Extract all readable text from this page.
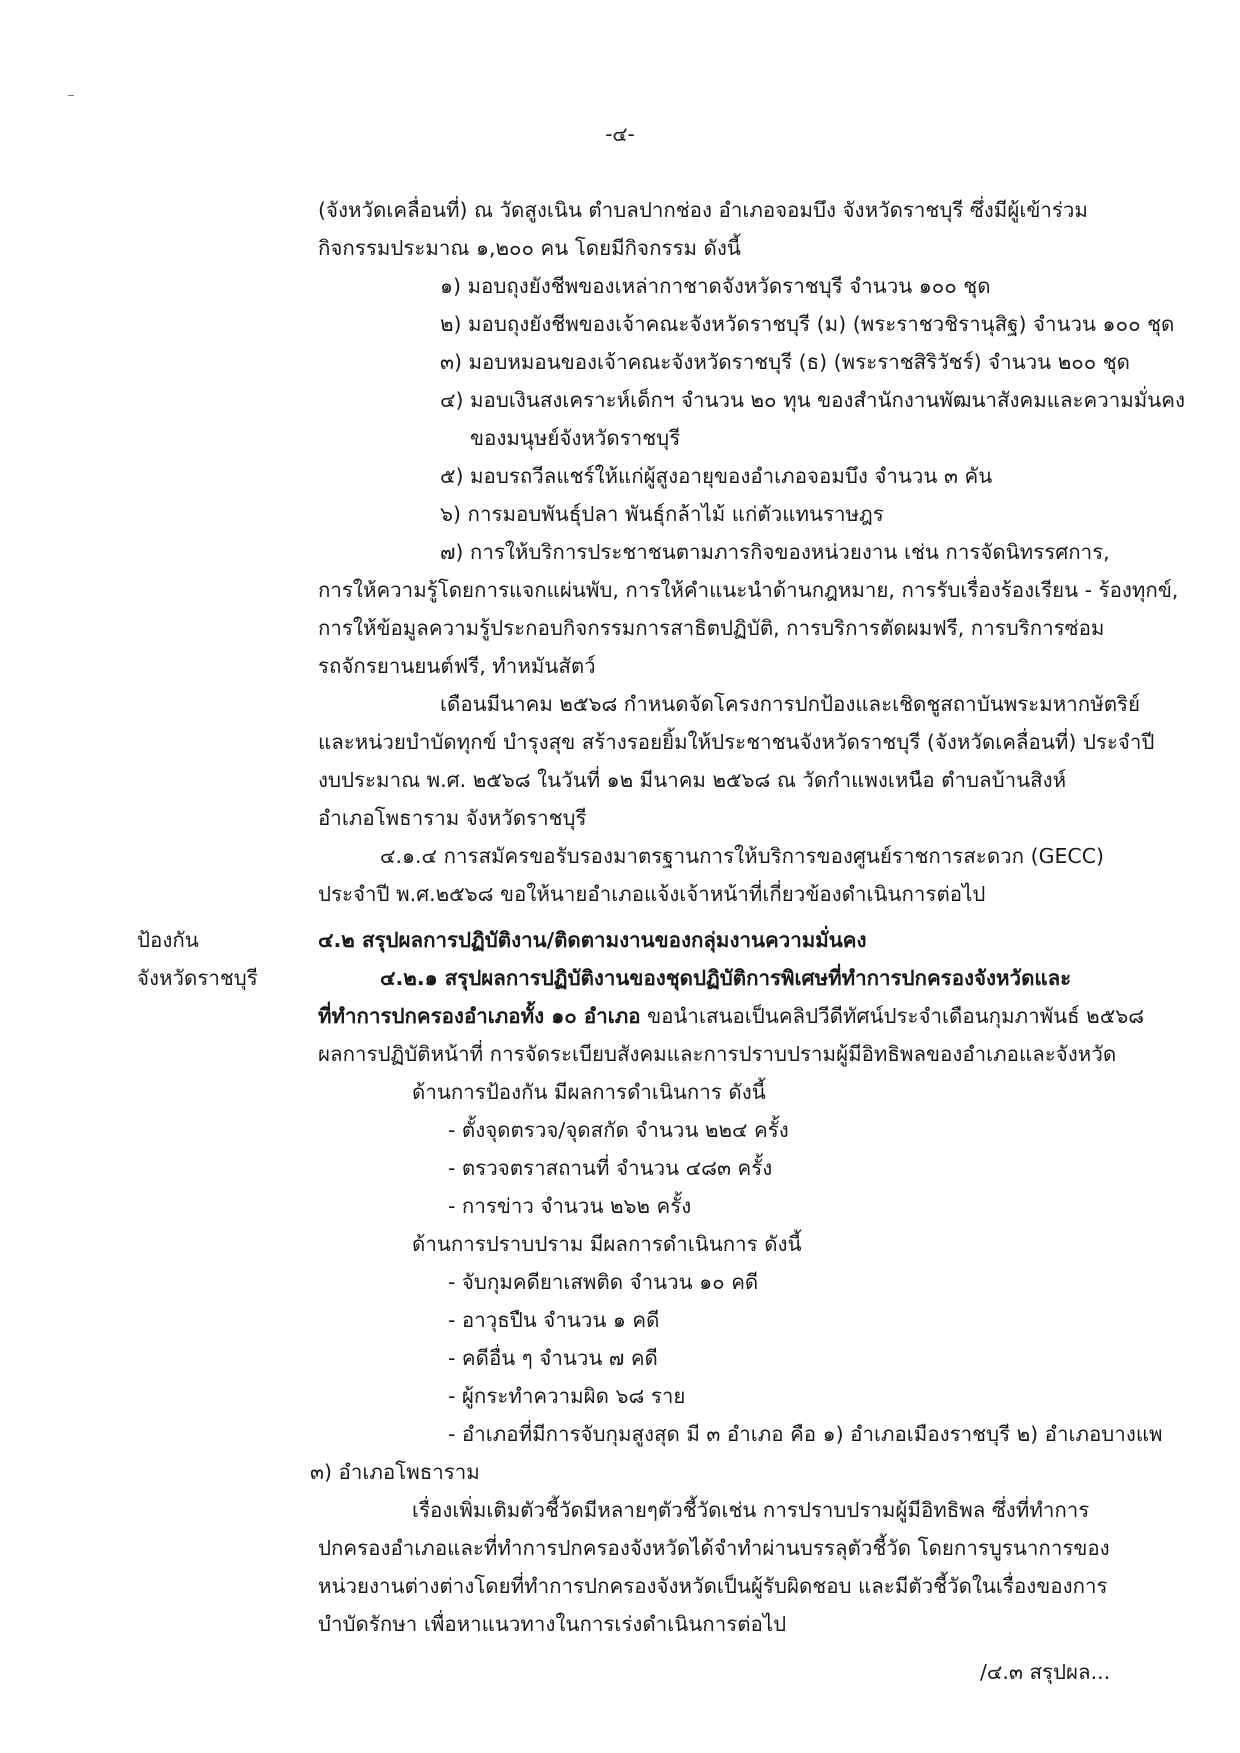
-๔-
(จังหวัดเคลื่อนที่) ณ วัดสูงเนิน ตำบลปากช่อง อำเภอจอมบึง จังหวัดราชบุรี ซึ่งมีผู้เข้าร่วม
กิจกรรมประมาณ ๑,๒๐๐ คน โดยมีกิจกรรม ดังนี้
๑) มอบถุงยังชีพของเหล่ากาชาดจังหวัดราชบุรี จำนวน ๑๐๐ ชุด
๒) มอบถุงยังชีพของเจ้าคณะจังหวัดราชบุรี (ม) (พระราชวชิรานุสิฐ) จำนวน ๑๐๐ ชุด
๓) มอบหมอนของเจ้าคณะจังหวัดราชบุรี (ธ) (พระราชสิริวัชร์) จำนวน ๒๐๐ ชุด
๔) มอบเงินสงเคราะห์เด็กฯ จำนวน ๒๐ ทุน ของสำนักงานพัฒนาสังคมและความมั่นคง
ของมนุษย์จังหวัดราชบุรี
๕) มอบรถวีลแชร์ให้แก่ผู้สูงอายุของอำเภอจอมบึง จำนวน ๓ คัน
๖) การมอบพันธุ์ปลา พันธุ์กล้าไม้ แก่ตัวแทนราษฎร
๗) การให้บริการประชาชนตามภารกิจของหน่วยงาน เช่น การจัดนิทรรศการ,
การให้ความรู้โดยการแจกแผ่นพับ, การให้คำแนะนำด้านกฎหมาย, การรับเรื่องร้องเรียน - ร้องทุกข์,
การให้ข้อมูลความรู้ประกอบกิจกรรมการสาธิตปฏิบัติ, การบริการตัดผมฟรี, การบริการซ่อม
รถจักรยานยนต์ฟรี, ทำหมันสัตว์
เดือนมีนาคม ๒๕๖๘ กำหนดจัดโครงการปกป้องและเชิดชูสถาบันพระมหากษัตริย์
และหน่วยบำบัดทุกข์ บำรุงสุข สร้างรอยยิ้มให้ประชาชนจังหวัดราชบุรี (จังหวัดเคลื่อนที่) ประจำปี
งบประมาณ พ.ศ. ๒๕๖๘ ในวันที่ ๑๒ มีนาคม ๒๕๖๘ ณ วัดกำแพงเหนือ ตำบลบ้านสิงห์
อำเภอโพธาราม จังหวัดราชบุรี
๔.๑.๔ การสมัครขอรับรองมาตรฐานการให้บริการของศูนย์ราชการสะดวก (GECC)
ประจำปี พ.ศ.๒๕๖๘ ขอให้นายอำเภอแจ้งเจ้าหน้าที่เกี่ยวข้องดำเนินการต่อไป
ป้องกัน
จังหวัดราชบุรี
๔.๒ สรุปผลการปฏิบัติงาน/ติดตามงานของกลุ่มงานความมั่นคง
๔.๒.๑ สรุปผลการปฏิบัติงานของชุดปฏิบัติการพิเศษที่ทำการปกครองจังหวัดและ
ที่ทำการปกครองอำเภอทั้ง ๑๐ อำเภอ ขอนำเสนอเป็นคลิปวีดีทัศน์ประจำเดือนกุมภาพันธ์ ๒๕๖๘
ผลการปฏิบัติหน้าที่ การจัดระเบียบสังคมและการปราบปรามผู้มีอิทธิพลของอำเภอและจังหวัด
ด้านการป้องกัน มีผลการดำเนินการ ดังนี้
- ตั้งจุดตรวจ/จุดสกัด จำนวน ๒๒๔ ครั้ง
- ตรวจตราสถานที่ จำนวน ๔๘๓ ครั้ง
- การข่าว จำนวน ๒๖๒ ครั้ง
ด้านการปราบปราม มีผลการดำเนินการ ดังนี้
- จับกุมคดียาเสพติด จำนวน ๑๐ คดี
- อาวุธปืน จำนวน ๑ คดี
- คดีอื่น ๆ จำนวน ๗ คดี
- ผู้กระทำความผิด ๖๘ ราย
- อำเภอที่มีการจับกุมสูงสุด มี ๓ อำเภอ คือ ๑) อำเภอเมืองราชบุรี ๒) อำเภอบางแพ
๓) อำเภอโพธาราม
เรื่องเพิ่มเติมตัวชี้วัดมีหลายๆตัวชี้วัดเช่น การปราบปรามผู้มีอิทธิพล ซึ่งที่ทำการ
ปกครองอำเภอและที่ทำการปกครองจังหวัดได้จำทำผ่านบรรลุตัวชี้วัด โดยการบูรนาการของ
หน่วยงานต่างต่างโดยที่ทำการปกครองจังหวัดเป็นผู้รับผิดชอบ และมีตัวชี้วัดในเรื่องของการ
บำบัดรักษา เพื่อหาแนวทางในการเร่งดำเนินการต่อไป
/๔.๓ สรุปผล...
